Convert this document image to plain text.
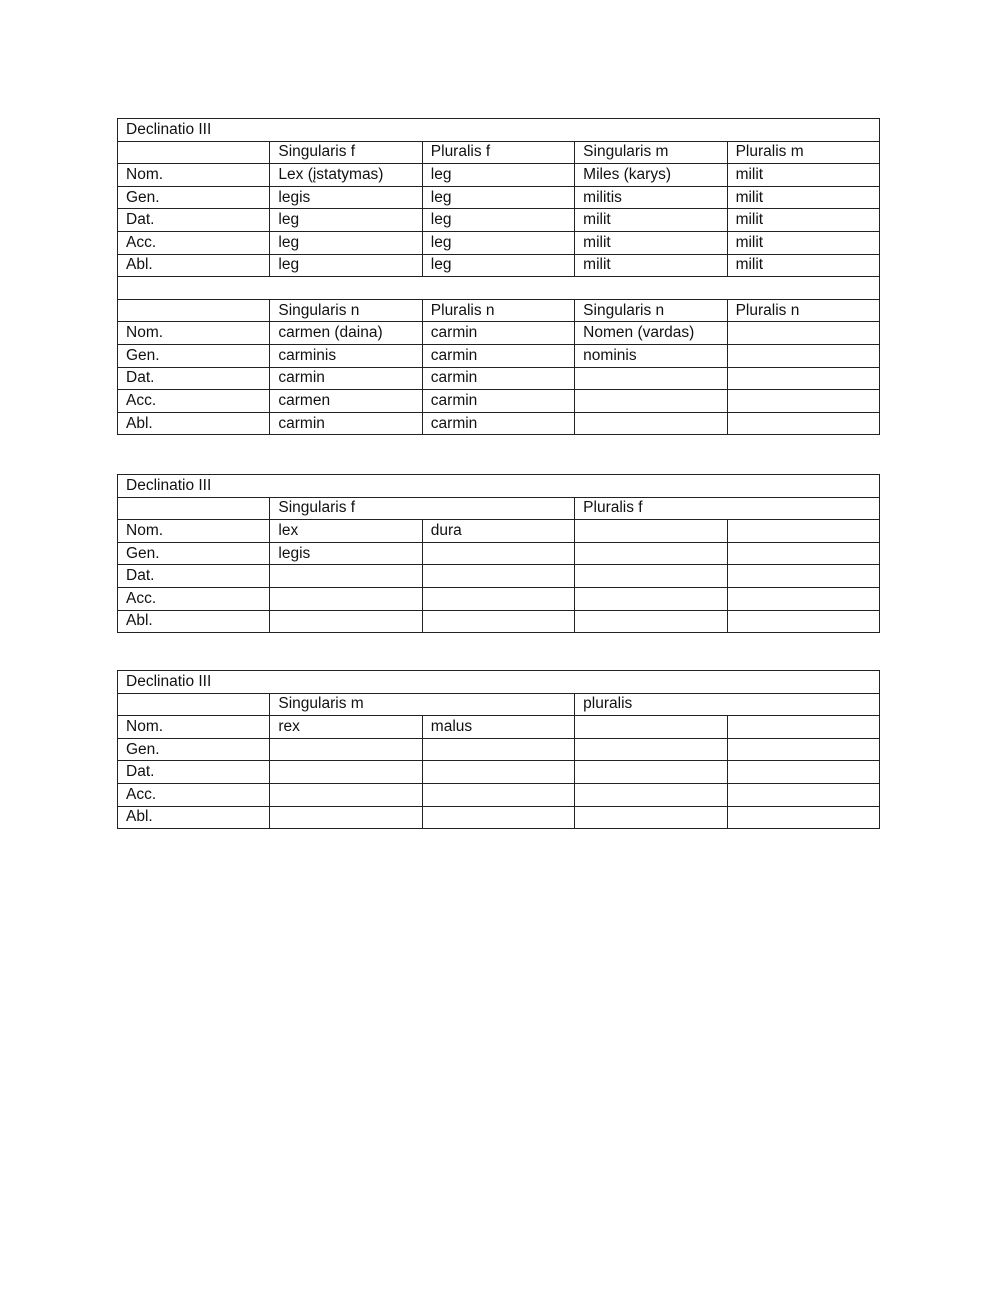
Declinatio III				
	Singularis f	Pluralis f	Singularis m	Pluralis m
Nom.	Lex (įstatymas)	leg	Miles (karys)	milit
Gen.	legis	leg	militis	milit
Dat.	leg	leg	milit	milit
Acc.	leg	leg	milit	milit
Abl.	leg	leg	milit	milit

	Singularis n	Pluralis n	Singularis n	Pluralis n
Nom.	carmen (daina)	carmin	Nomen (vardas)	
Gen.	carminis	carmin	nominis	
Dat.	carmin	carmin		
Acc.	carmen	carmin		
Abl.	carmin	carmin		
Declinatio III				
	Singularis f		Pluralis f	
Nom.	lex	dura		
Gen.	legis			
Dat.				
Acc.				
Abl.				
Declinatio III				
	Singularis m		pluralis	
Nom.	rex	malus		
Gen.				
Dat.				
Acc.				
Abl.				
